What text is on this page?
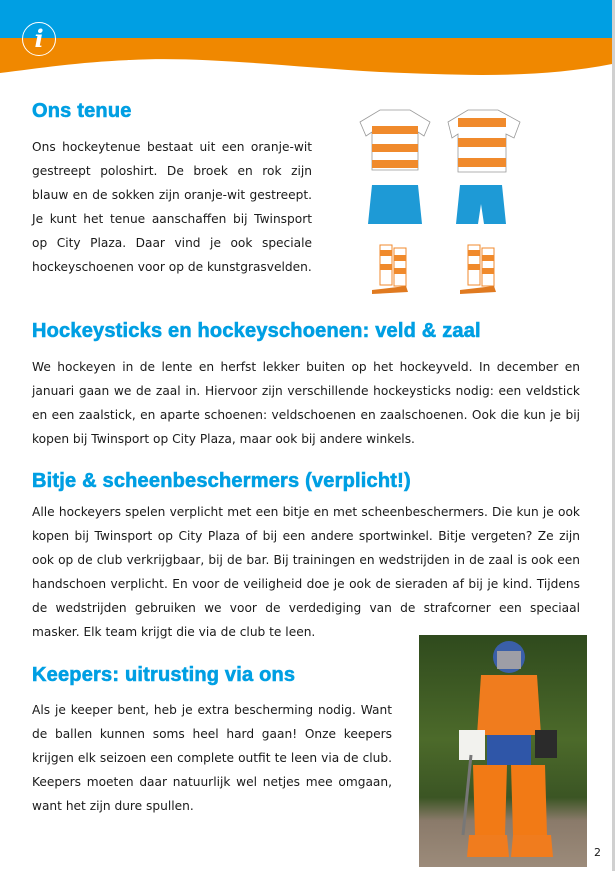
i
Ons tenue

Ons hockeytenue bestaat uit een oranje-wit gestreept poloshirt. De broek en rok zijn blauw en de sokken zijn oranje-wit gestreept. Je kunt het tenue aanschaffen bij Twinsport op City Plaza. Daar vind je ook speciale hockeyschoenen voor op de kunstgrasvelden.

Hockeysticks en hockeyschoenen: veld & zaal

We hockeyen in de lente en herfst lekker buiten op het hockeyveld. In december en januari gaan we de zaal in. Hiervoor zijn verschillende hockeysticks nodig: een veldstick en een zaalstick, en aparte schoenen: veldschoenen en zaalschoenen. Ook die kun je bij kopen bij Twinsport op City Plaza, maar ook bij andere winkels.

Bitje & scheenbeschermers (verplicht!)

Alle hockeyers spelen verplicht met een bitje en met scheenbeschermers. Die kun je ook kopen bij Twinsport op City Plaza of bij een andere sportwinkel. Bitje vergeten? Ze zijn ook op de club verkrijgbaar, bij de bar. Bij trainingen en wedstrijden in de zaal is ook een handschoen verplicht. En voor de veiligheid doe je ook de sieraden af bij je kind. Tijdens de wedstrijden gebruiken we voor de verdediging van de strafcorner een speciaal masker. Elk team krijgt die via de club te leen.

Keepers: uitrusting via ons

Als je keeper bent, heb je extra bescherming nodig. Want de ballen kunnen soms heel hard gaan! Onze keepers krijgen elk seizoen een complete outfit te leen via de club. Keepers moeten daar natuurlijk wel netjes mee omgaan, want het zijn dure spullen.

2
